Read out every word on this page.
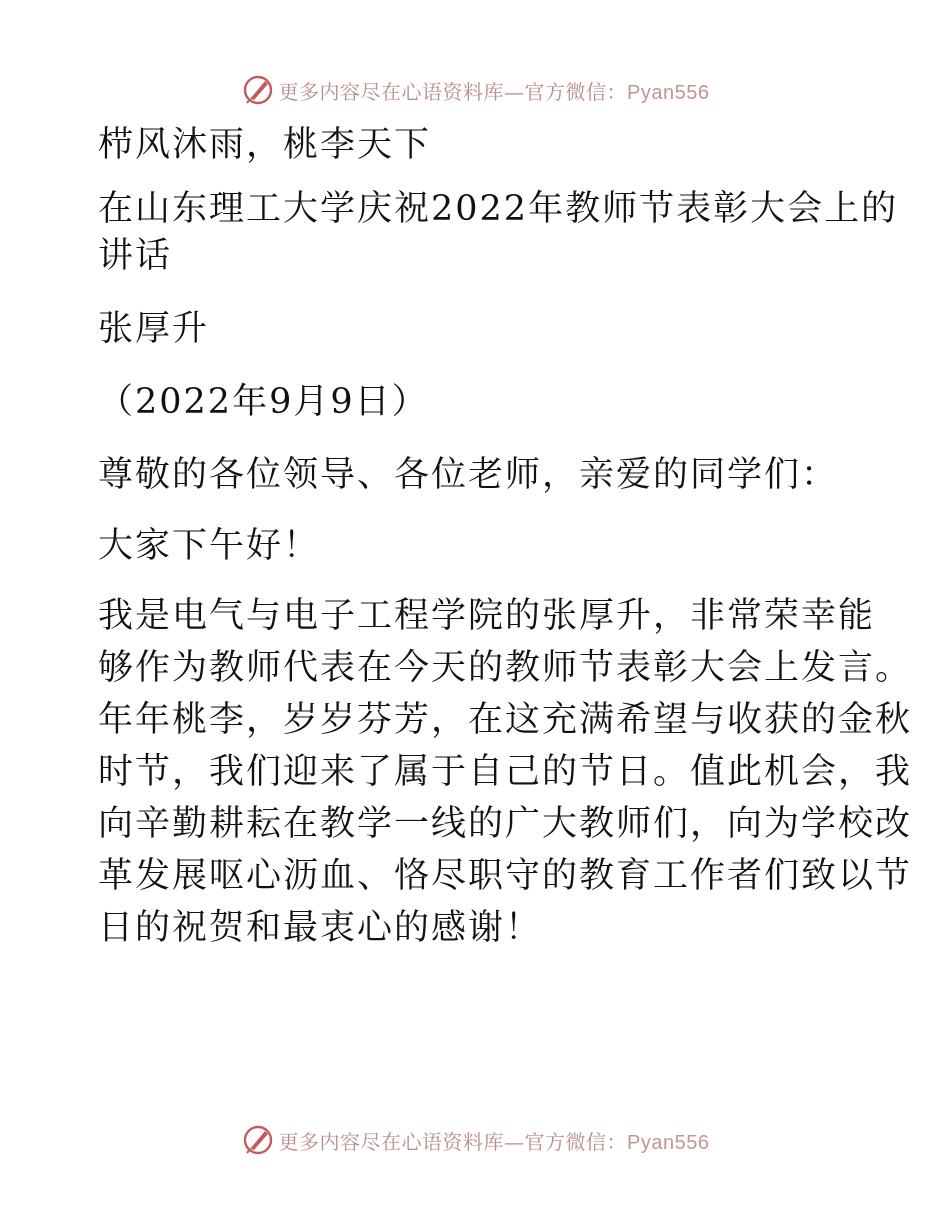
更多内容尽在心语资料库—官方微信：Pyan556
栉风沐雨，桃李天下
在山东理工大学庆祝2022年教师节表彰大会上的
讲话
张厚升
（2022年9月9日）
尊敬的各位领导、各位老师，亲爱的同学们：
大家下午好！
我是电气与电子工程学院的张厚升，非常荣幸能
够作为教师代表在今天的教师节表彰大会上发言。
年年桃李，岁岁芬芳，在这充满希望与收获的金秋
时节，我们迎来了属于自己的节日。值此机会，我
向辛勤耕耘在教学一线的广大教师们，向为学校改
革发展呕心沥血、恪尽职守的教育工作者们致以节
日的祝贺和最衷心的感谢！
更多内容尽在心语资料库—官方微信：Pyan556
